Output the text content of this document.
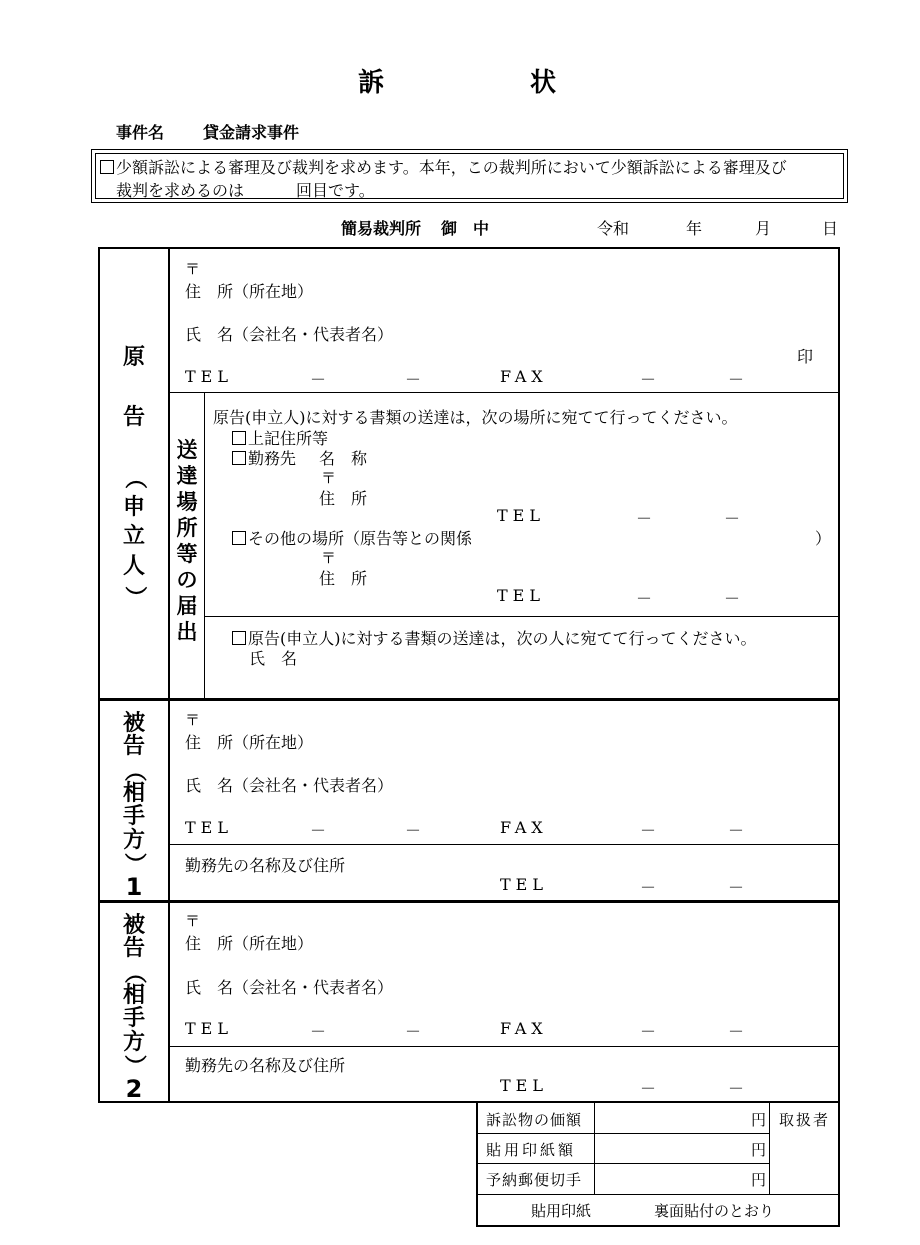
訴	状
事件名 貸金請求事件
少額訴訟による審理及び裁判を求めます。本年，この裁判所において少額訴訟による審理及び
裁判を求めるのは	回目です。
簡易裁判所 御　中	令和	年	月	日
原

告

（
申
立
人
）
送
達
場
所
等
の
届
出
〒
住　所（所在地）
氏　名（会社名・代表者名）
印
TEL	－	－	FAX	－	－
原告(申立人)に対する書類の送達は，次の場所に宛てて行ってください。
上記住所等
勤務先 名　称
〒
住　所
TEL	－	－
その他の場所（原告等との関係	）
〒
住　所
TEL	－	－
原告(申立人)に対する書類の送達は，次の人に宛てて行ってください。
氏　名
被
告
（
相
手
方
）
1
〒
住　所（所在地）
氏　名（会社名・代表者名）
TEL	－	－	FAX	－	－
勤務先の名称及び住所
TEL	－	－
被
告
（
相
手
方
）
2
〒
住　所（所在地）
氏　名（会社名・代表者名）
TEL	－	－	FAX	－	－
勤務先の名称及び住所
TEL	－	－
訴訟物の価額	円
貼用印紙額	円
予納郵便切手	円
取扱者
貼用印紙	裏面貼付のとおり
